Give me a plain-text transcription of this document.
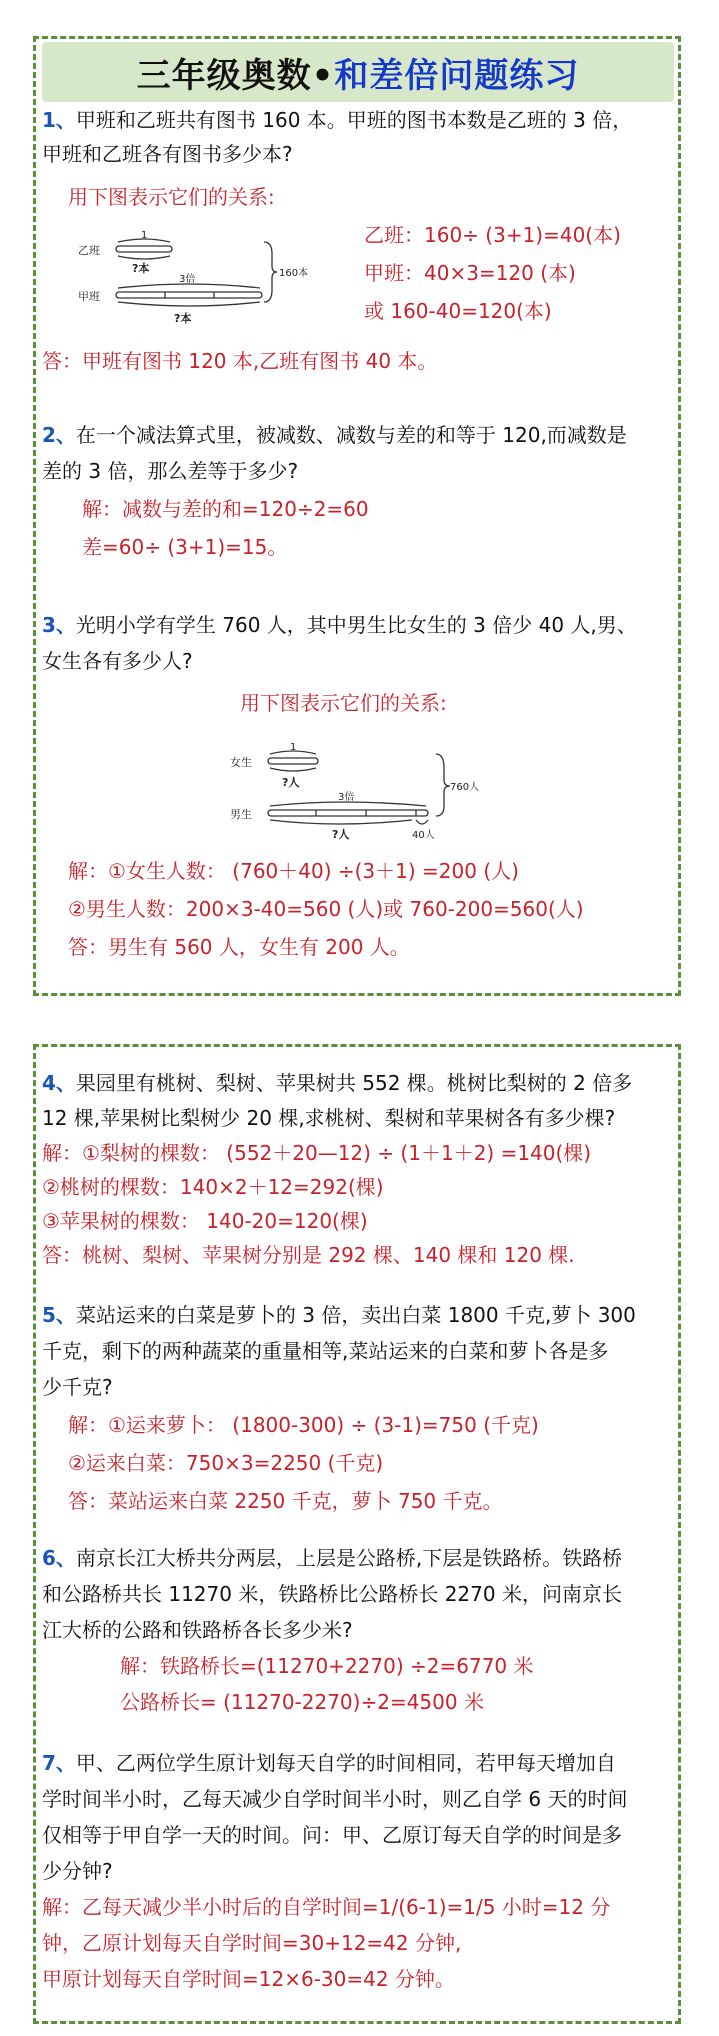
三年级奥数• 和差倍问题练习
1、甲班和乙班共有图书 160 本。甲班的图书本数是乙班的 3 倍，
甲班和乙班各有图书多少本?
用下图表示它们的关系:
乙班
甲班
1
?本
3倍
?本
160本
乙班：160÷ (3+1)=40(本)
甲班：40×3=120 (本)
或 160-40=120(本)
答：甲班有图书 120 本,乙班有图书 40 本。
2、在一个减法算式里，被减数、减数与差的和等于 120,而减数是
差的 3 倍，那么差等于多少?
解：减数与差的和=120÷2=60
差=60÷ (3+1)=15。
3、光明小学有学生 760 人，其中男生比女生的 3 倍少 40 人,男、
女生各有多少人?
用下图表示它们的关系:
女生
男生
1
?人
3倍
?人	40人
760人
解：①女生人数： (760＋40) ÷(3＋1) =200 (人)
②男生人数：200×3-40=560 (人)或 760-200=560(人)
答：男生有 560 人，女生有 200 人。
4、果园里有桃树、梨树、苹果树共 552 棵。桃树比梨树的 2 倍多
12 棵,苹果树比梨树少 20 棵,求桃树、梨树和苹果树各有多少棵?
解：①梨树的棵数： (552＋20—12) ÷ (1＋1＋2) =140(棵)
②桃树的棵数：140×2＋12=292(棵)
③苹果树的棵数： 140-20=120(棵)
答：桃树、梨树、苹果树分别是 292 棵、140 棵和 120 棵.
5、菜站运来的白菜是萝卜的 3 倍，卖出白菜 1800 千克,萝卜 300
千克，剩下的两种蔬菜的重量相等,菜站运来的白菜和萝卜各是多
少千克?
解：①运来萝卜： (1800-300) ÷ (3-1)=750 (千克)
②运来白菜：750×3=2250 (千克)
答：菜站运来白菜 2250 千克，萝卜 750 千克。
6、南京长江大桥共分两层，上层是公路桥,下层是铁路桥。铁路桥
和公路桥共长 11270 米，铁路桥比公路桥长 2270 米，问南京长
江大桥的公路和铁路桥各长多少米?
解：铁路桥长=(11270+2270) ÷2=6770 米
公路桥长= (11270-2270)÷2=4500 米
7、甲、乙两位学生原计划每天自学的时间相同，若甲每天增加自
学时间半小时，乙每天减少自学时间半小时，则乙自学 6 天的时间
仅相等于甲自学一天的时间。问：甲、乙原订每天自学的时间是多
少分钟?
解：乙每天减少半小时后的自学时间=1/(6-1)=1/5 小时=12 分
钟，乙原计划每天自学时间=30+12=42 分钟,
甲原计划每天自学时间=12×6-30=42 分钟。
